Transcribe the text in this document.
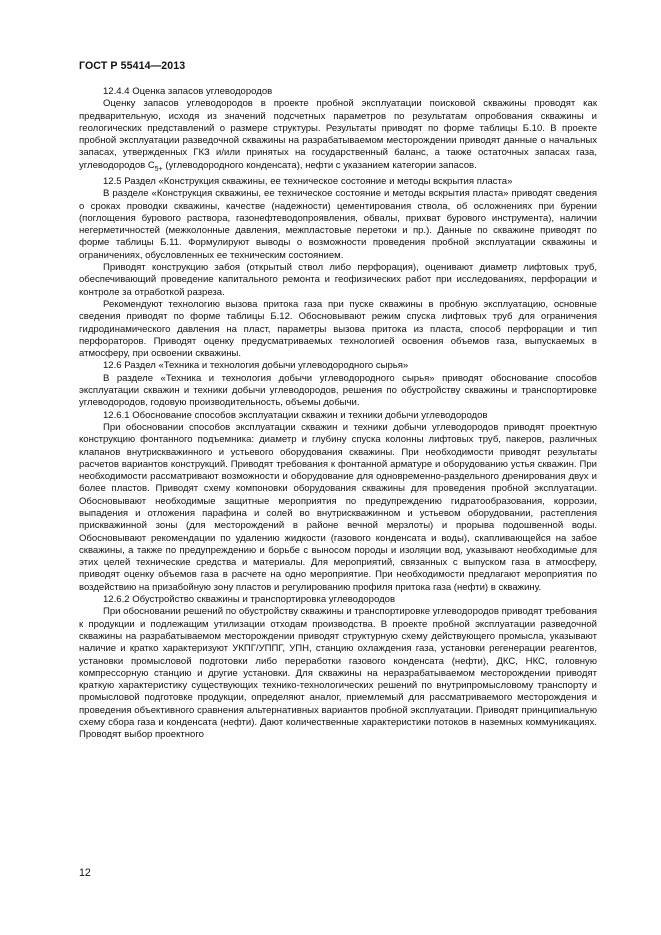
ГОСТ Р 55414—2013

12.4.4 Оценка запасов углеводородов

Оценку запасов углеводородов в проекте пробной эксплуатации поисковой скважины проводят как предварительную, исходя из значений подсчетных параметров по результатам опробования скважины и геологических представлений о размере структуры. Результаты приводят по форме таблицы Б.10. В проекте пробной эксплуатации разведочной скважины на разрабатываемом месторождении приводят данные о начальных запасах, утвержденных ГКЗ и/или принятых на государственный баланс, а также остаточных запасах газа, углеводородов $C_{5+}$ (углеводородного конденсата), нефти с указанием категории запасов.

12.5 Раздел «Конструкция скважины, ее техническое состояние и методы вскрытия пласта»

В разделе «Конструкция скважины, ее техническое состояние и методы вскрытия пласта» приводят сведения о сроках проводки скважины, качестве (надежности) цементирования ствола, об осложнениях при бурении (поглощения бурового раствора, газонефтеводопроявления, обвалы, прихват бурового инструмента), наличии негерметичностей (межколонные давления, межпластовые перетоки и пр.). Данные по скважине приводят по форме таблицы Б.11. Формулируют выводы о возможности проведения пробной эксплуатации скважины и ограничениях, обусловленных ее техническим состоянием.

Приводят конструкцию забоя (открытый ствол либо перфорация), оценивают диаметр лифтовых труб, обеспечивающий проведение капитального ремонта и геофизических работ при исследованиях, перфорации и контроле за отработкой разреза.

Рекомендуют технологию вызова притока газа при пуске скважины в пробную эксплуатацию, основные сведения приводят по форме таблицы Б.12. Обосновывают режим спуска лифтовых труб для ограничения гидродинамического давления на пласт, параметры вызова притока из пласта, способ перфорации и тип перфораторов. Приводят оценку предусматриваемых технологией освоения объемов газа, выпускаемых в атмосферу, при освоении скважины.

12.6 Раздел «Техника и технология добычи углеводородного сырья»

В разделе «Техника и технология добычи углеводородного сырья» приводят обоснование способов эксплуатации скважин и техники добычи углеводородов, решения по обустройству скважины и транспортировке углеводородов, годовую производительность, объемы добычи.

12.6.1 Обоснование способов эксплуатации скважин и техники добычи углеводородов

При обосновании способов эксплуатации скважин и техники добычи углеводородов приводят проектную конструкцию фонтанного подъемника: диаметр и глубину спуска колонны лифтовых труб, пакеров, различных клапанов внутрискважинного и устьевого оборудования скважины. При необходимости приводят результаты расчетов вариантов конструкций. Приводят требования к фонтанной арматуре и оборудованию устья скважин. При необходимости рассматривают возможности и оборудование для одновременно-раздельного дренирования двух и более пластов. Приводят схему компоновки оборудования скважины для проведения пробной эксплуатации. Обосновывают необходимые защитные мероприятия по предупреждению гидратообразования, коррозии, выпадения и отложения парафина и солей во внутрискважинном и устьевом оборудовании, растепления прискважинной зоны (для месторождений в районе вечной мерзлоты) и прорыва подошвенной воды. Обосновывают рекомендации по удалению жидкости (газового конденсата и воды), скапливающейся на забое скважины, а также по предупреждению и борьбе с выносом породы и изоляции вод, указывают необходимые для этих целей технические средства и материалы. Для мероприятий, связанных с выпуском газа в атмосферу, приводят оценку объемов газа в расчете на одно мероприятие. При необходимости предлагают мероприятия по воздействию на призабойную зону пластов и регулированию профиля притока газа (нефти) в скважину.

12.6.2 Обустройство скважины и транспортировка углеводородов

При обосновании решений по обустройству скважины и транспортировке углеводородов приводят требования к продукции и подлежащим утилизации отходам производства. В проекте пробной эксплуатации разведочной скважины на разрабатываемом месторождении приводят структурную схему действующего промысла, указывают наличие и кратко характеризуют УКПГ/УППГ, УПН, станцию охлаждения газа, установки регенерации реагентов, установки промысловой подготовки либо переработки газового конденсата (нефти), ДКС, НКС, головную компрессорную станцию и другие установки. Для скважины на неразрабатываемом месторождении приводят краткую характеристику существующих технико-технологических решений по внутрипромысловому транспорту и промысловой подготовке продукции, определяют аналог, приемлемый для рассматриваемого месторождения и проведения объективного сравнения альтернативных вариантов пробной эксплуатации. Приводят принципиальную схему сбора газа и конденсата (нефти). Дают количественные характеристики потоков в наземных коммуникациях. Проводят выбор проектного

12
